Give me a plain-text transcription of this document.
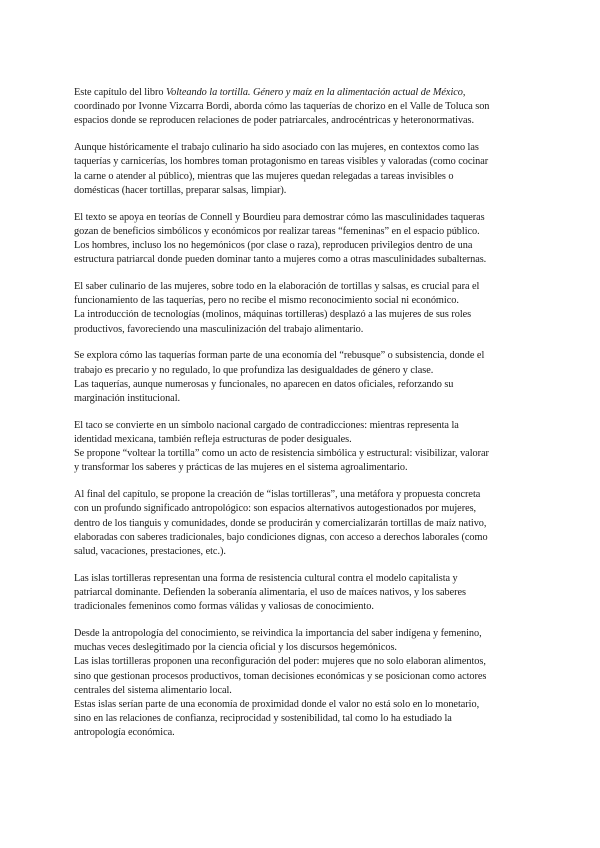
Este capítulo del libro Volteando la tortilla. Género y maíz en la alimentación actual de México,
coordinado por Ivonne Vizcarra Bordi, aborda cómo las taquerías de chorizo en el Valle de Toluca son
espacios donde se reproducen relaciones de poder patriarcales, androcéntricas y heteronormativas.
Aunque históricamente el trabajo culinario ha sido asociado con las mujeres, en contextos como las
taquerías y carnicerías, los hombres toman protagonismo en tareas visibles y valoradas (como cocinar
la carne o atender al público), mientras que las mujeres quedan relegadas a tareas invisibles o
domésticas (hacer tortillas, preparar salsas, limpiar).
El texto se apoya en teorías de Connell y Bourdieu para demostrar cómo las masculinidades taqueras
gozan de beneficios simbólicos y económicos por realizar tareas “femeninas” en el espacio público.
Los hombres, incluso los no hegemónicos (por clase o raza), reproducen privilegios dentro de una
estructura patriarcal donde pueden dominar tanto a mujeres como a otras masculinidades subalternas.
El saber culinario de las mujeres, sobre todo en la elaboración de tortillas y salsas, es crucial para el
funcionamiento de las taquerías, pero no recibe el mismo reconocimiento social ni económico.
La introducción de tecnologías (molinos, máquinas tortilleras) desplazó a las mujeres de sus roles
productivos, favoreciendo una masculinización del trabajo alimentario.
Se explora cómo las taquerías forman parte de una economía del “rebusque” o subsistencia, donde el
trabajo es precario y no regulado, lo que profundiza las desigualdades de género y clase.
Las taquerías, aunque numerosas y funcionales, no aparecen en datos oficiales, reforzando su
marginación institucional.
El taco se convierte en un símbolo nacional cargado de contradicciones: mientras representa la
identidad mexicana, también refleja estructuras de poder desiguales.
Se propone “voltear la tortilla” como un acto de resistencia simbólica y estructural: visibilizar, valorar
y transformar los saberes y prácticas de las mujeres en el sistema agroalimentario.
Al final del capítulo, se propone la creación de “islas tortilleras”, una metáfora y propuesta concreta
con un profundo significado antropológico: son espacios alternativos autogestionados por mujeres,
dentro de los tianguis y comunidades, donde se producirán y comercializarán tortillas de maíz nativo,
elaboradas con saberes tradicionales, bajo condiciones dignas, con acceso a derechos laborales (como
salud, vacaciones, prestaciones, etc.).
Las islas tortilleras representan una forma de resistencia cultural contra el modelo capitalista y
patriarcal dominante. Defienden la soberanía alimentaria, el uso de maíces nativos, y los saberes
tradicionales femeninos como formas válidas y valiosas de conocimiento.
Desde la antropología del conocimiento, se reivindica la importancia del saber indígena y femenino,
muchas veces deslegitimado por la ciencia oficial y los discursos hegemónicos.
Las islas tortilleras proponen una reconfiguración del poder: mujeres que no solo elaboran alimentos,
sino que gestionan procesos productivos, toman decisiones económicas y se posicionan como actores
centrales del sistema alimentario local.
Estas islas serían parte de una economía de proximidad donde el valor no está solo en lo monetario,
sino en las relaciones de confianza, reciprocidad y sostenibilidad, tal como lo ha estudiado la
antropología económica.
